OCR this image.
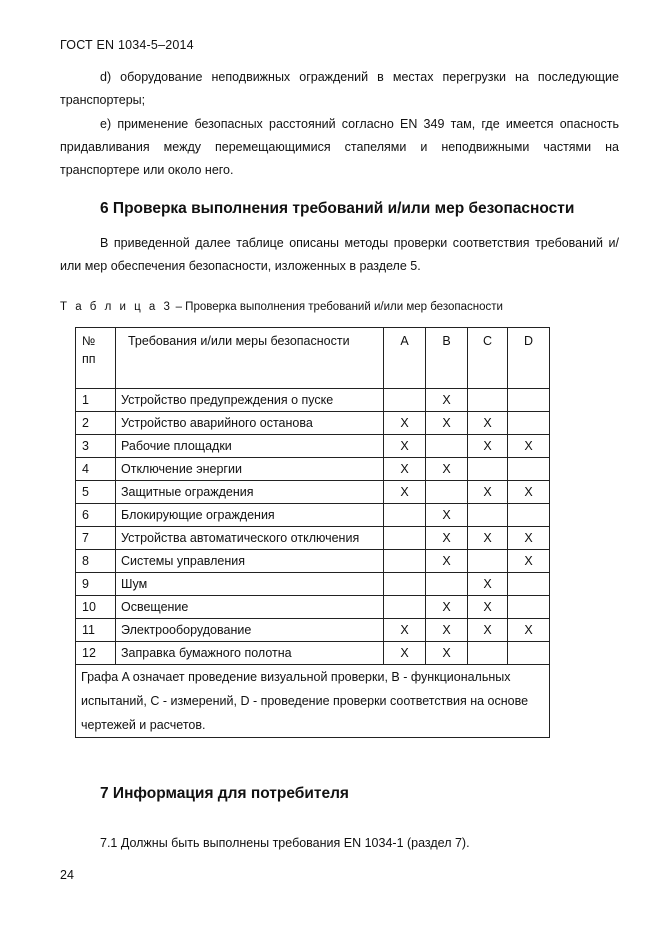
ГОСТ EN 1034-5–2014

d) оборудование неподвижных ограждений в местах перегрузки на последующие транспортеры;

e) применение безопасных расстояний согласно EN 349 там, где имеется опасность придавливания между перемещающимися стапелями и неподвижными частями на транспортере или около него.

6 Проверка выполнения требований и/или мер безопасности

В приведенной далее таблице описаны методы проверки соответствия требований и/или мер обеспечения безопасности, изложенных в разделе 5.

Т а б л и ц а 3 – Проверка выполнения требований и/или мер безопасности
№ пп	Требования и/или меры безопасности	A	B	C	D
1	Устройство предупреждения о пуске		X		
2	Устройство аварийного останова	X	X	X	
3	Рабочие площадки	X		X	X
4	Отключение энергии	X	X		
5	Защитные ограждения	X		X	X
6	Блокирующие ограждения		X		
7	Устройства автоматического отключения		X	X	X
8	Системы управления		X		X
9	Шум			X	
10	Освещение		X	X	
11	Электрооборудование	X	X	X	X
12	Заправка бумажного полотна	X	X		
Графа A означает проведение визуальной проверки, B - функциональных испытаний, C - измерений, D - проведение проверки соответствия на основе чертежей и расчетов.					
7 Информация для потребителя

7.1 Должны быть выполнены требования EN 1034-1 (раздел 7).

24
